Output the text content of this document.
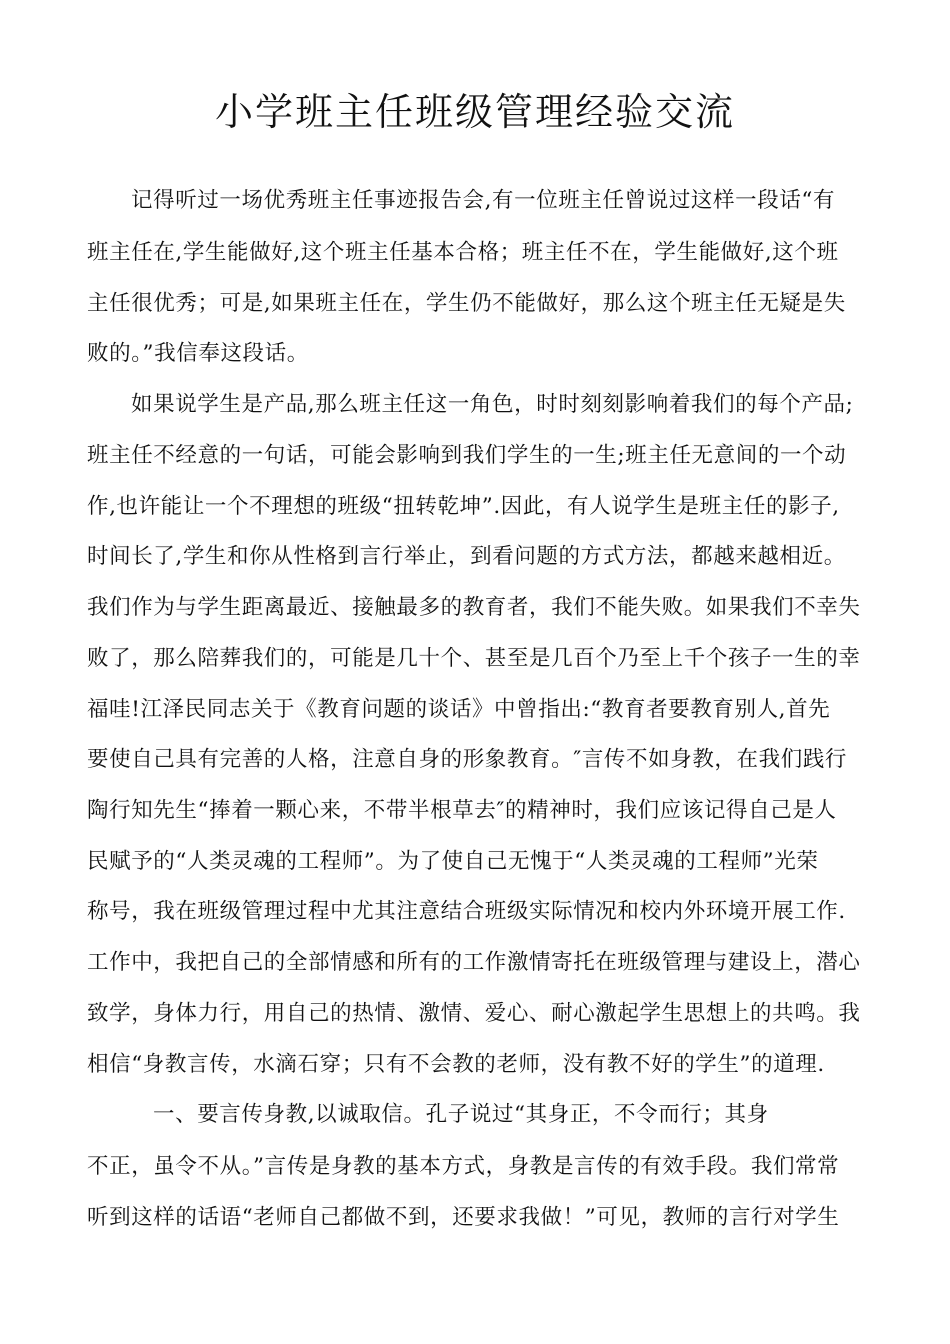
小学班主任班级管理经验交流
记得听过一场优秀班主任事迹报告会,有一位班主任曾说过这样一段话“有
班主任在,学生能做好,这个班主任基本合格；班主任不在，学生能做好,这个班
主任很优秀；可是,如果班主任在，学生仍不能做好，那么这个班主任无疑是失
败的。”我信奉这段话。
如果说学生是产品,那么班主任这一角色，时时刻刻影响着我们的每个产品;
班主任不经意的一句话，可能会影响到我们学生的一生;班主任无意间的一个动
作,也许能让一个不理想的班级“扭转乾坤”.因此，有人说学生是班主任的影子,
时间长了,学生和你从性格到言行举止，到看问题的方式方法，都越来越相近。
我们作为与学生距离最近、接触最多的教育者，我们不能失败。如果我们不幸失
败了，那么陪葬我们的，可能是几十个、甚至是几百个乃至上千个孩子一生的幸
福哇!江泽民同志关于《教育问题的谈话》中曾指出:“教育者要教育别人,首先
要使自己具有完善的人格，注意自身的形象教育。″言传不如身教，在我们践行
陶行知先生“捧着一颗心来，不带半根草去″的精神时，我们应该记得自己是人
民赋予的“人类灵魂的工程师”。为了使自己无愧于“人类灵魂的工程师”光荣
称号，我在班级管理过程中尤其注意结合班级实际情况和校内外环境开展工作.
工作中，我把自己的全部情感和所有的工作激情寄托在班级管理与建设上，潜心
致学，身体力行，用自己的热情、激情、爱心、耐心激起学生思想上的共鸣。我
相信“身教言传，水滴石穿；只有不会教的老师，没有教不好的学生”的道理.
一、要言传身教,以诚取信。孔子说过“其身正，不令而行；其身
不正，虽令不从。”言传是身教的基本方式，身教是言传的有效手段。我们常常
听到这样的话语“老师自己都做不到，还要求我做！”可见，教师的言行对学生
